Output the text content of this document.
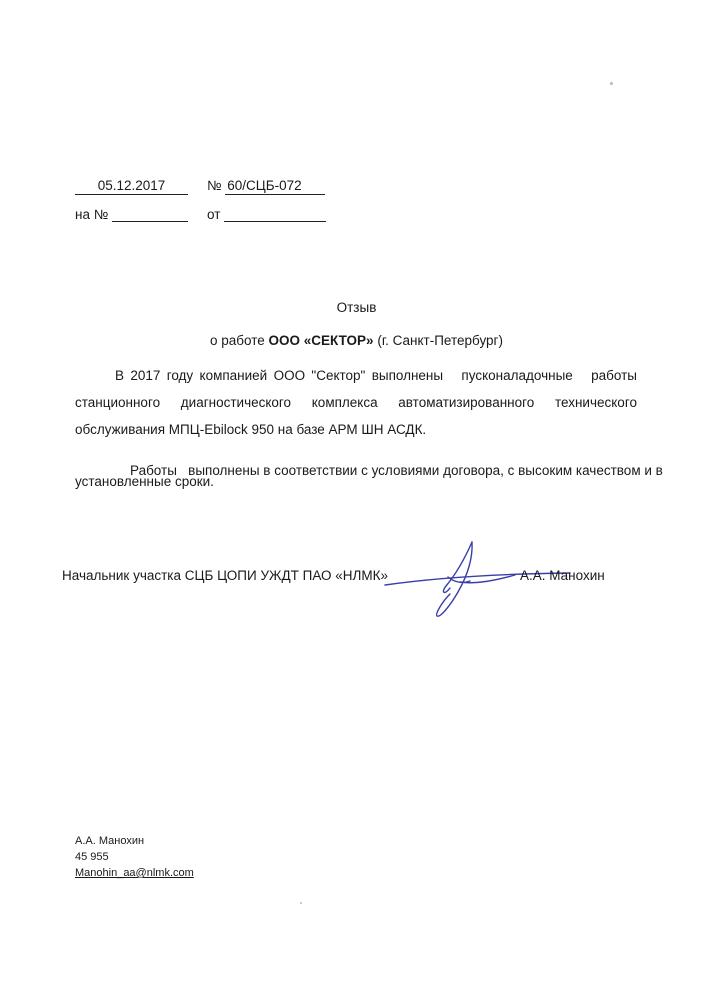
05.12.2017	№ 60/СЦБ-072
на №	от
Отзыв
о работе ООО «СЕКТОР» (г. Санкт-Петербург)
В 2017 году компанией ООО "Сектор" выполнены пусконаладочные работы
станционного диагностического комплекса автоматизированного технического
обслуживания МПЦ-Ebilock 950 на базе АРМ ШН АСДК.

Работы   выполнены в соответствии с условиями договора, с высоким качеством и в

установленные сроки.
Начальник участка СЦБ ЦОПИ УЖДТ ПАО «НЛМК»	А.А. Манохин
А.А. Манохин
45 955
Manohin_aa@nlmk.com
